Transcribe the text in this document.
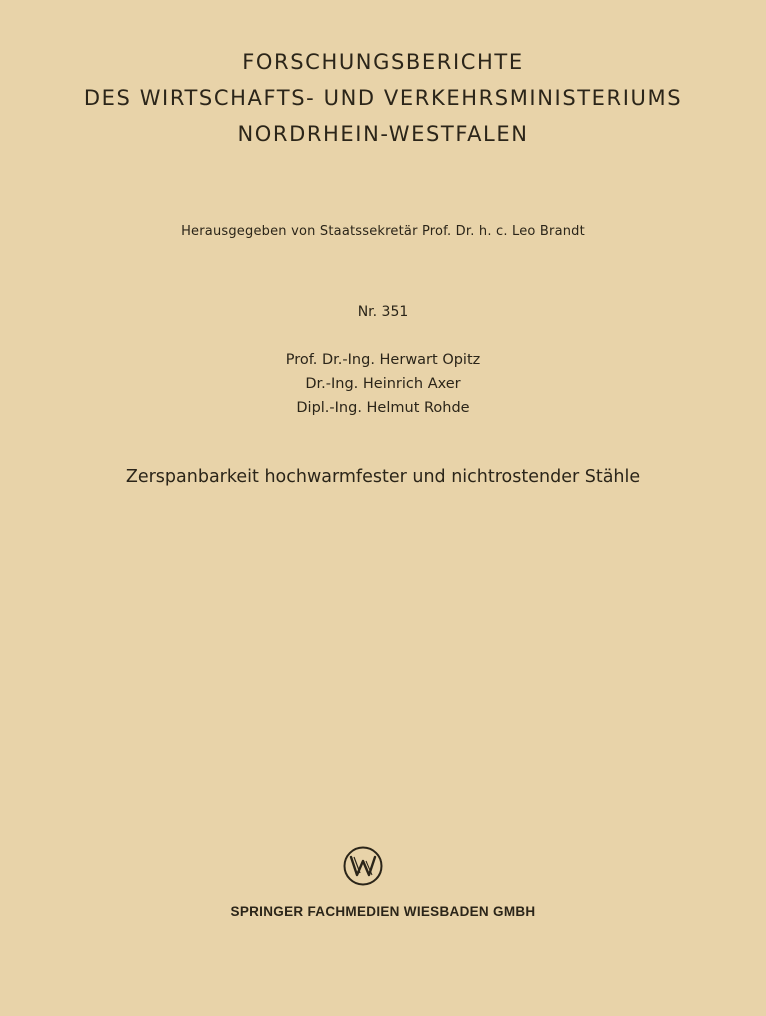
FORSCHUNGSBERICHTE
DES WIRTSCHAFTS- UND VERKEHRSMINISTERIUMS
NORDRHEIN-WESTFALEN
Herausgegeben von Staatssekretär Prof. Dr. h. c. Leo Brandt
Nr. 351
Prof. Dr.-Ing. Herwart Opitz
Dr.-Ing. Heinrich Axer
Dipl.-Ing. Helmut Rohde
Zerspanbarkeit hochwarmfester und nichtrostender Stähle
SPRINGER FACHMEDIEN WIESBADEN GMBH
